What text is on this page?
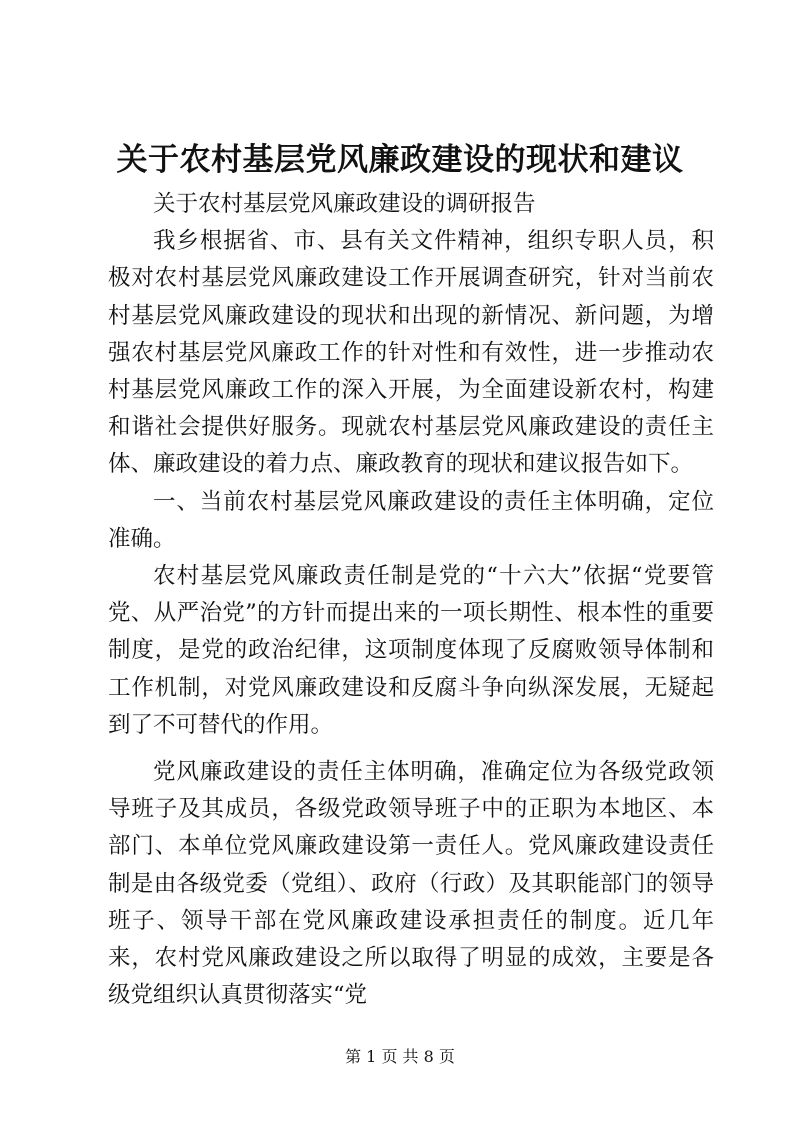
关于农村基层党风廉政建设的现状和建议

关于农村基层党风廉政建设的调研报告

我乡根据省、市、县有关文件精神，组织专职人员，积极对农村基层党风廉政建设工作开展调查研究，针对当前农村基层党风廉政建设的现状和出现的新情况、新问题，为增强农村基层党风廉政工作的针对性和有效性，进一步推动农村基层党风廉政工作的深入开展，为全面建设新农村，构建和谐社会提供好服务。现就农村基层党风廉政建设的责任主体、廉政建设的着力点、廉政教育的现状和建议报告如下。

一、当前农村基层党风廉政建设的责任主体明确，定位准确。

农村基层党风廉政责任制是党的“十六大”依据“党要管党、从严治党”的方针而提出来的一项长期性、根本性的重要制度，是党的政治纪律，这项制度体现了反腐败领导体制和工作机制，对党风廉政建设和反腐斗争向纵深发展，无疑起到了不可替代的作用。

党风廉政建设的责任主体明确，准确定位为各级党政领导班子及其成员，各级党政领导班子中的正职为本地区、本部门、本单位党风廉政建设第一责任人。党风廉政建设责任制是由各级党委（党组）、政府（行政）及其职能部门的领导班子、领导干部在党风廉政建设承担责任的制度。近几年来，农村党风廉政建设之所以取得了明显的成效，主要是各级党组织认真贯彻落实“党

第 1 页 共 8 页
